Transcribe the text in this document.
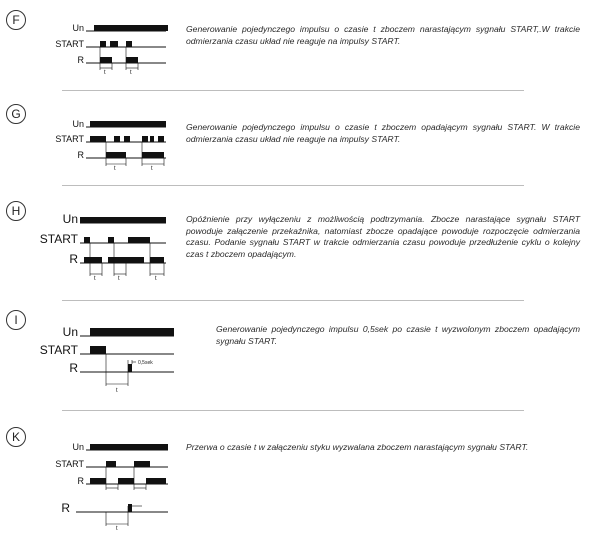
F
Un
START
R
t	t
Generowanie pojedynczego impulsu o czasie t zboczem narastającym sygnału START,.W trakcie odmierzania czasu układ nie reaguje na impulsy START.
G
Un
START
R
t	t
Generowanie pojedynczego impulsu o czasie t zboczem opadającym sygnału START. W trakcie odmierzania czasu układ nie reaguje na impulsy START.
H
Un
START
R
t	t	t
Opóźnienie przy wyłączeniu z możliwością podtrzymania. Zbocze narastające sygnału START powoduje załączenie przekaźnika, natomiast zbocze opadające powoduje rozpoczęcie odmierzania czasu. Podanie sygnału START w trakcie odmierzania czasu powoduje przedłużenie cyklu o kolejny czas t zboczem opadającym.
I
Un
START
R	0,5sek
t
Generowanie pojedynczego impulsu 0,5sek po czasie t wyzwolonym zboczem opadającym sygnału START.
K
Un
START
R
R
t
Przerwa o czasie t w załączeniu styku wyzwalana zboczem narastającym sygnału START.
